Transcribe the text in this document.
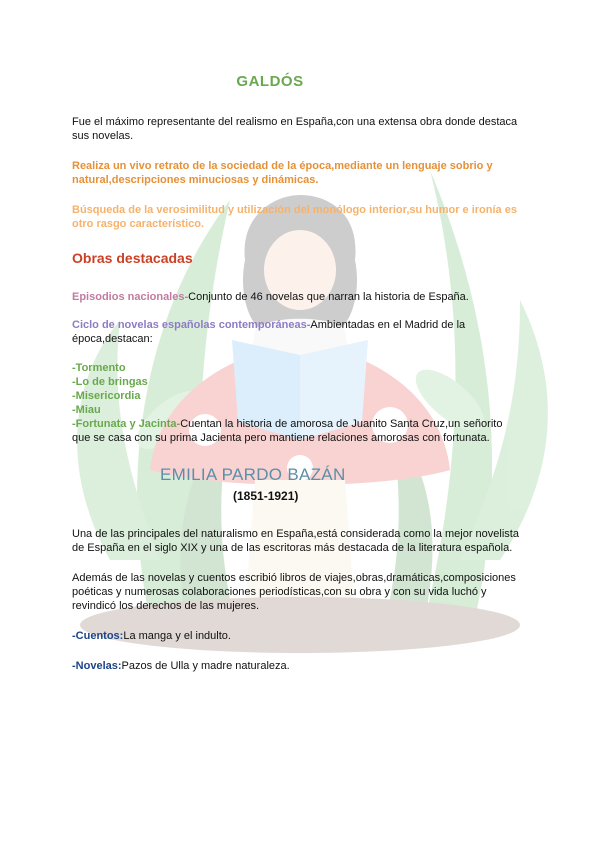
GALDÓS
Fue el máximo representante del realismo en España,con una extensa obra donde destaca
sus novelas.
Realiza un vivo retrato de la sociedad de la época,mediante un lenguaje sobrio y
natural,descripciones minuciosas y dinámicas.
Búsqueda de la verosimilitud y utilización del monólogo interior,su humor e ironía es
otro rasgo característico.
Obras destacadas
Episodios nacionales-Conjunto de 46 novelas que narran la historia de España.
Ciclo de novelas españolas contemporáneas-Ambientadas en el Madrid de la
época,destacan:
-Tormento
-Lo de bringas
-Misericordia
-Miau
-Fortunata y Jacinta-Cuentan la historia de amorosa de Juanito Santa Cruz,un señorito
que se casa con su prima Jacienta pero mantiene relaciones amorosas con fortunata.
EMILIA PARDO BAZÁN
(1851-1921)
Una de las principales del naturalismo en España,está considerada como la mejor novelista
de España en el siglo XIX y una de las escritoras más destacada de la literatura española.
Además de las novelas y cuentos escribió libros de viajes,obras,dramáticas,composiciones
poéticas y numerosas colaboraciones periodísticas,con su obra y con su vida luchó y
revindicó los derechos de las mujeres.
-Cuentos:La manga y el indulto.
-Novelas:Pazos de Ulla y madre naturaleza.
